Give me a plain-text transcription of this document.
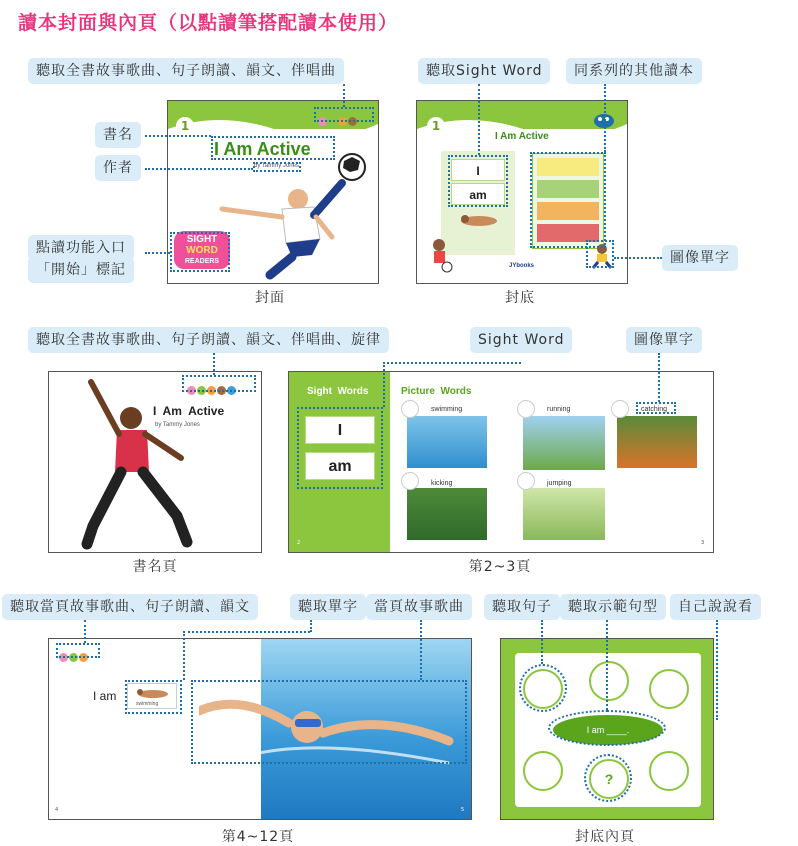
讀本封面與內頁（以點讀筆搭配讀本使用）
聽取全書故事歌曲、句子朗讀、韻文、伴唱曲
書名
作者
點讀功能入口
「開始」標記
聽取Sight Word	同系列的其他讀本
圖像單字
1
I Am Active
by Tammy Jones
SIGHT
WORD
READERS
封面
1
I Am Active
I
am
JYbooks
封底
聽取全書故事歌曲、句子朗讀、韻文、伴唱曲、旋律	Sight Word	圖像單字
I  Am  Active
by Tammy Jones
書名頁
Sight  Words
I
am
2
Picture  Words
swimming	running	catching
kicking	jumping
3
第2~3頁
聽取當頁故事歌曲、句子朗讀、韻文	聽取單字	當頁故事歌曲	聽取句子	聽取示範句型	自己說說看
I am
swimming
4	5
第4~12頁
I am ____.
?
封底內頁
